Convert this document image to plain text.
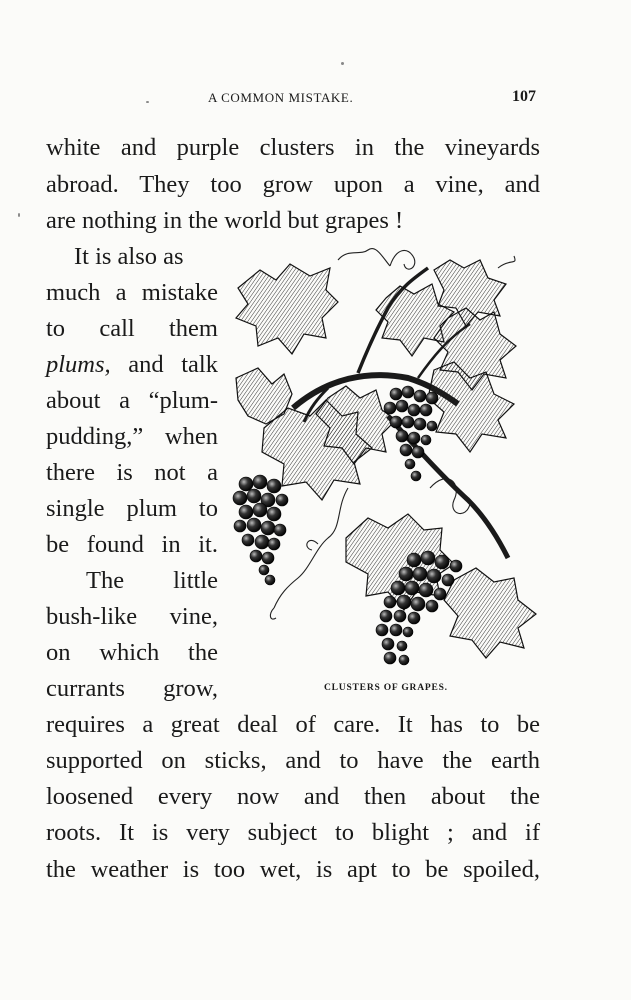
A COMMON MISTAKE.	107
white and purple clusters in the vineyards
abroad. They too grow upon a vine, and
are nothing in the world but grapes !
It is also as
much a mistake
to call them
plums, and talk
about a “plum-
pudding,” when
there is not a
single plum to
be found in it.
The little
bush-like vine,
on which the
currants grow,
requires a great deal of care. It has to be
supported on sticks, and to have the earth
loosened every now and then about the
roots. It is very subject to blight ; and if
the weather is too wet, is apt to be spoiled,
CLUSTERS OF GRAPES.
